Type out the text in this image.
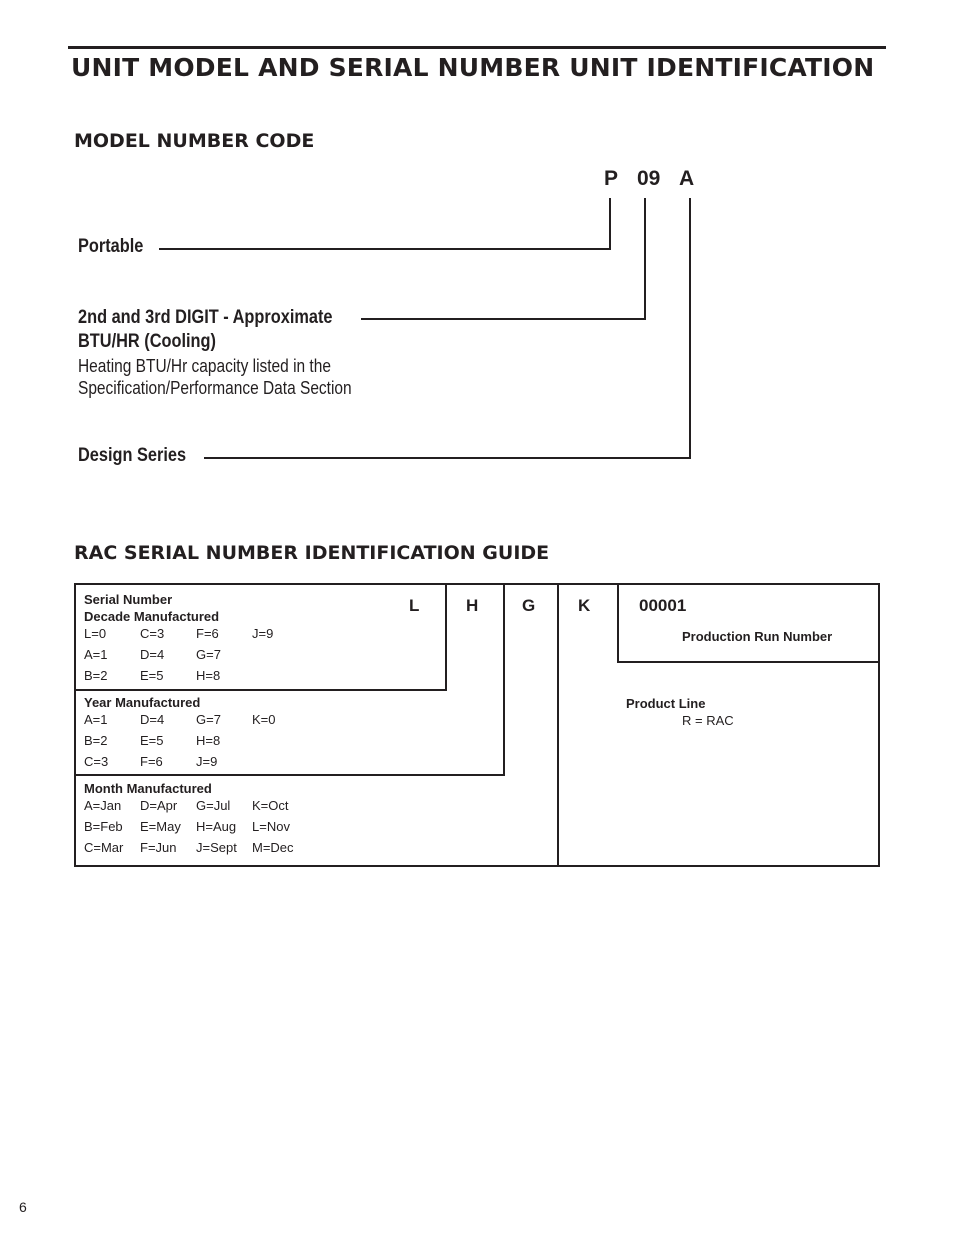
UNIT MODEL AND SERIAL NUMBER UNIT IDENTIFICATION
MODEL NUMBER CODE
P 09 A
Portable
2nd and 3rd DIGIT - Approximate
BTU/HR (Cooling)
Heating BTU/Hr capacity listed in the
Specification/Performance Data Section
Design Series
RAC SERIAL NUMBER IDENTIFICATION GUIDE
L	H	G	K	00001
Serial Number
Decade Manufactured
L=0	C=3	F=6	J=9
A=1	D=4	G=7
B=2	E=5	H=8
Year Manufactured
A=1	D=4	G=7	K=0
B=2	E=5	H=8
C=3	F=6	J=9
Month Manufactured
A=Jan	D=Apr	G=Jul	K=Oct
B=Feb	E=May	H=Aug	L=Nov
C=Mar	F=Jun	J=Sept	M=Dec
Production Run Number
Product Line
R = RAC
6
